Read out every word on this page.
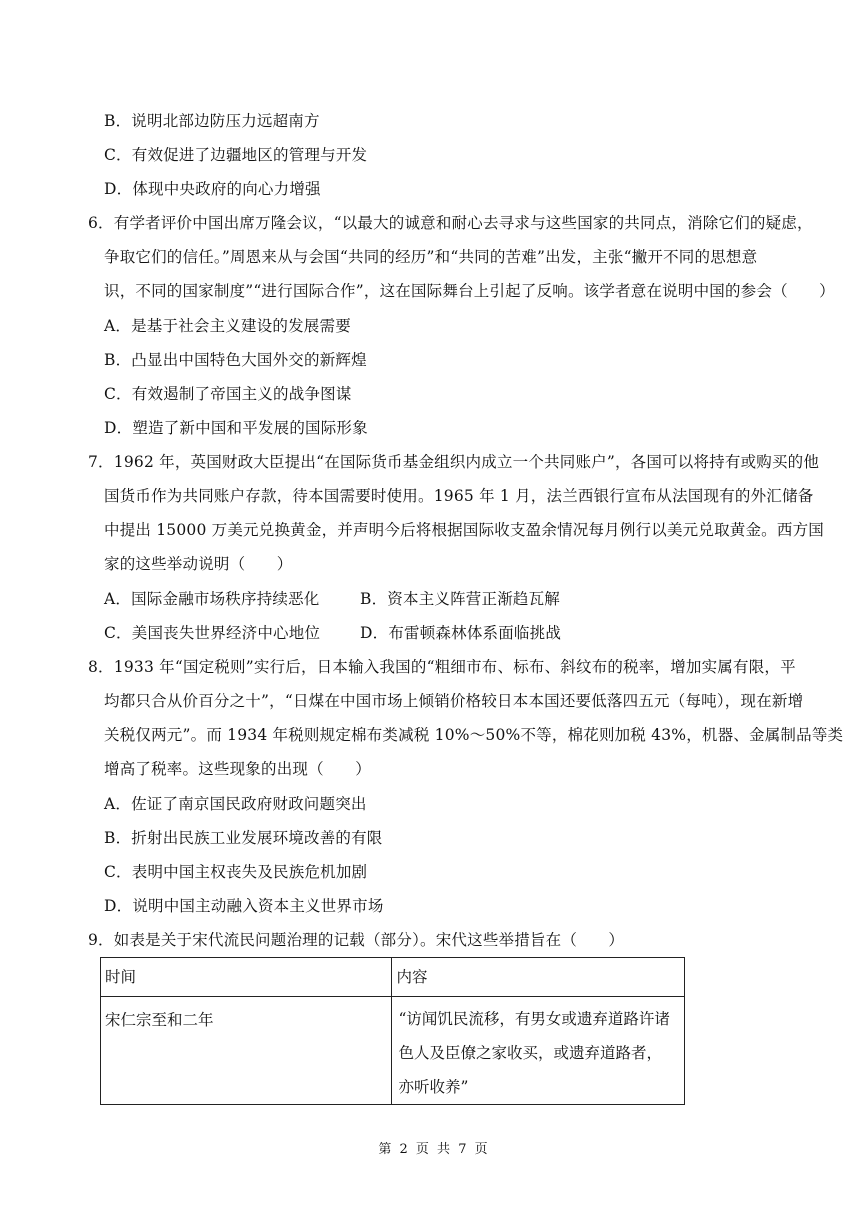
B．说明北部边防压力远超南方
C．有效促进了边疆地区的管理与开发
D．体现中央政府的向心力增强
6．有学者评价中国出席万隆会议，“以最大的诚意和耐心去寻求与这些国家的共同点，消除它们的疑虑，
争取它们的信任。”周恩来从与会国“共同的经历”和“共同的苦难”出发，主张“撇开不同的思想意
识，不同的国家制度”“进行国际合作”，这在国际舞台上引起了反响。该学者意在说明中国的参会（　　）
A．是基于社会主义建设的发展需要
B．凸显出中国特色大国外交的新辉煌
C．有效遏制了帝国主义的战争图谋
D．塑造了新中国和平发展的国际形象
7．1962 年，英国财政大臣提出“在国际货币基金组织内成立一个共同账户”，各国可以将持有或购买的他
国货币作为共同账户存款，待本国需要时使用。1965 年 1 月，法兰西银行宣布从法国现有的外汇储备
中提出 15000 万美元兑换黄金，并声明今后将根据国际收支盈余情况每月例行以美元兑取黄金。西方国
家的这些举动说明（　　）
A．国际金融市场秩序持续恶化	B．资本主义阵营正渐趋瓦解
C．美国丧失世界经济中心地位	D．布雷顿森林体系面临挑战
8．1933 年“国定税则”实行后，日本输入我国的“粗细市布、标布、斜纹布的税率，增加实属有限，平
均都只合从价百分之十”，“日煤在中国市场上倾销价格较日本本国还要低落四五元（每吨），现在新增
关税仅两元”。而 1934 年税则规定棉布类减税 10%～50%不等，棉花则加税 43%，机器、金属制品等类
增高了税率。这些现象的出现（　　）
A．佐证了南京国民政府财政问题突出
B．折射出民族工业发展环境改善的有限
C．表明中国主权丧失及民族危机加剧
D．说明中国主动融入资本主义世界市场
9．如表是关于宋代流民问题治理的记载（部分）。宋代这些举措旨在（　　）
时间	内容

宋仁宗至和二年	“访闻饥民流移，有男女或遗弃道路许诸色人及臣僚之家收买，或遗弃道路者，亦听收养”
第 2 页 共 7 页
